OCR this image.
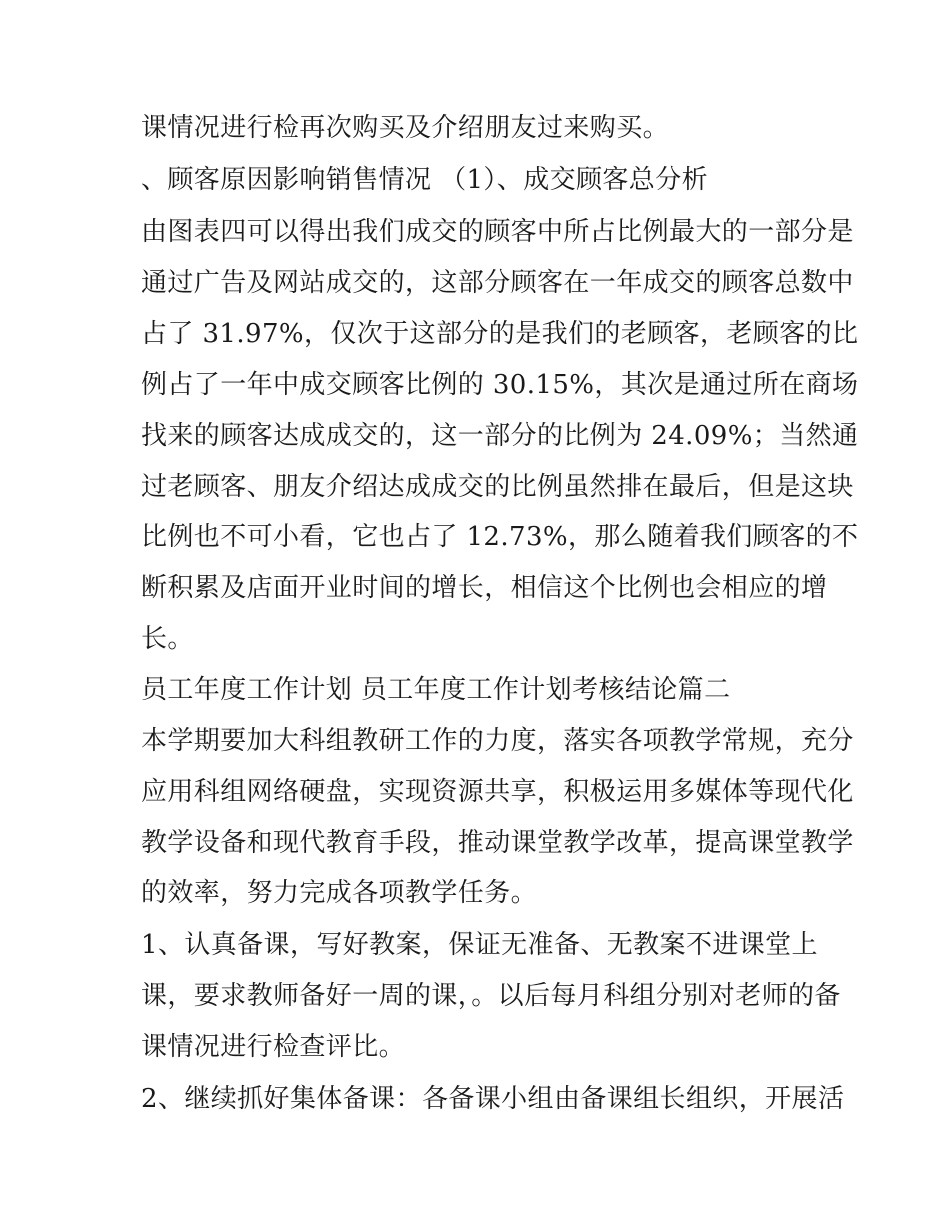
课情况进行检再次购买及介绍朋友过来购买。
、顾客原因影响销售情况 （1）、成交顾客总分析
由图表四可以得出我们成交的顾客中所占比例最大的一部分是
通过广告及网站成交的，这部分顾客在一年成交的顾客总数中
占了 31.97%，仅次于这部分的是我们的老顾客，老顾客的比
例占了一年中成交顾客比例的 30.15%，其次是通过所在商场
找来的顾客达成成交的，这一部分的比例为 24.09%；当然通
过老顾客、朋友介绍达成成交的比例虽然排在最后，但是这块
比例也不可小看，它也占了 12.73%，那么随着我们顾客的不
断积累及店面开业时间的增长，相信这个比例也会相应的增
长。
员工年度工作计划 员工年度工作计划考核结论篇二
本学期要加大科组教研工作的力度，落实各项教学常规，充分
应用科组网络硬盘，实现资源共享，积极运用多媒体等现代化
教学设备和现代教育手段，推动课堂教学改革，提高课堂教学
的效率，努力完成各项教学任务。
1、认真备课，写好教案，保证无准备、无教案不进课堂上
课，要求教师备好一周的课，。以后每月科组分别对老师的备
课情况进行检查评比。
2、继续抓好集体备课：各备课小组由备课组长组织，开展活
